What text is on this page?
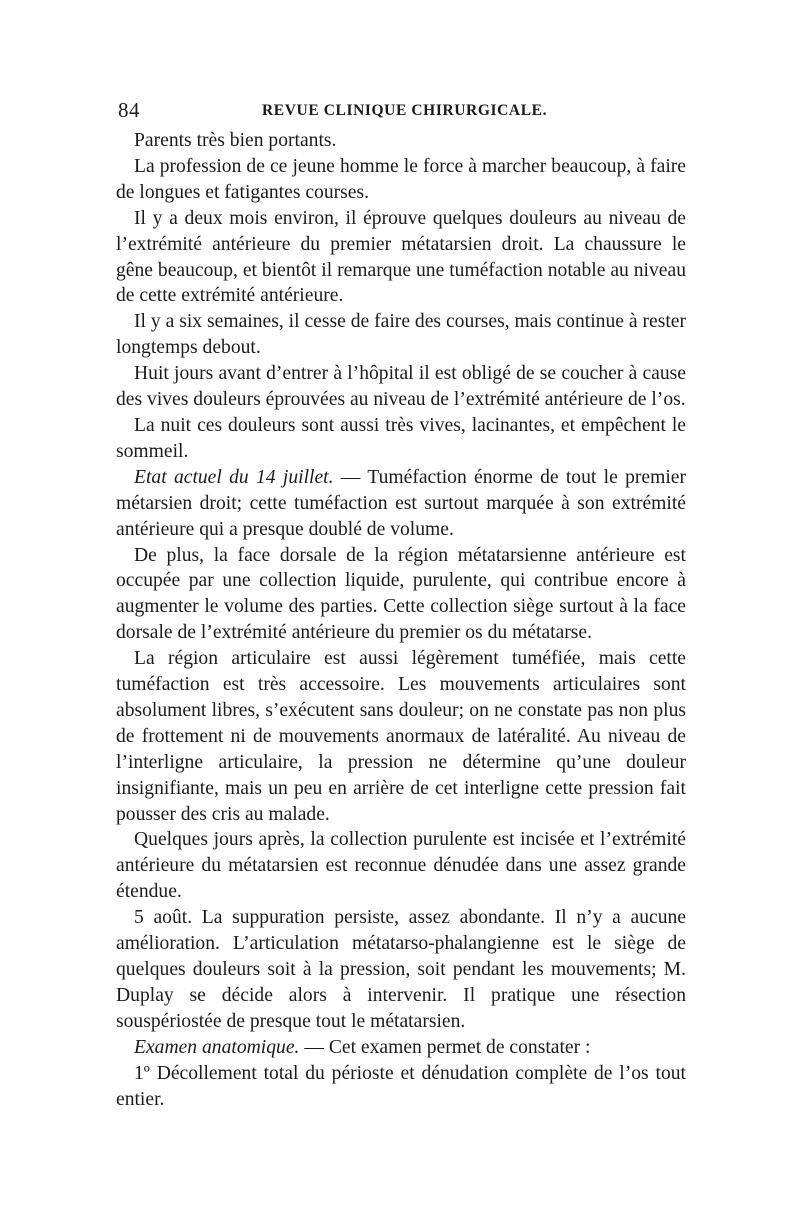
84	REVUE CLINIQUE CHIRURGICALE.

Parents très bien portants.

La profession de ce jeune homme le force à marcher beaucoup, à faire de longues et fatigantes courses.

Il y a deux mois environ, il éprouve quelques douleurs au niveau de l’extrémité antérieure du premier métatarsien droit. La chaussure le gêne beaucoup, et bientôt il remarque une tuméfaction notable au niveau de cette extrémité antérieure.

Il y a six semaines, il cesse de faire des courses, mais continue à rester longtemps debout.

Huit jours avant d’entrer à l’hôpital il est obligé de se coucher à cause des vives douleurs éprouvées au niveau de l’extrémité antérieure de l’os.

La nuit ces douleurs sont aussi très vives, lacinantes, et empêchent le sommeil.

Etat actuel du 14 juillet. — Tuméfaction énorme de tout le premier métarsien droit; cette tuméfaction est surtout marquée à son extrémité antérieure qui a presque doublé de volume.

De plus, la face dorsale de la région métatarsienne antérieure est occupée par une collection liquide, purulente, qui contribue encore à augmenter le volume des parties. Cette collection siège surtout à la face dorsale de l’extrémité antérieure du premier os du métatarse.

La région articulaire est aussi légèrement tuméfiée, mais cette tuméfaction est très accessoire. Les mouvements articulaires sont absolument libres, s’exécutent sans douleur; on ne constate pas non plus de frottement ni de mouvements anormaux de latéralité. Au niveau de l’interligne articulaire, la pression ne détermine qu’une douleur insignifiante, mais un peu en arrière de cet interligne cette pression fait pousser des cris au malade.

Quelques jours après, la collection purulente est incisée et l’extrémité antérieure du métatarsien est reconnue dénudée dans une assez grande étendue.

5 août. La suppuration persiste, assez abondante. Il n’y a aucune amélioration. L’articulation métatarso-phalangienne est le siège de quelques douleurs soit à la pression, soit pendant les mouvements; M. Duplay se décide alors à intervenir. Il pratique une résection souspériostée de presque tout le métatarsien.

Examen anatomique. — Cet examen permet de constater :

1º Décollement total du périoste et dénudation complète de l’os tout entier.
